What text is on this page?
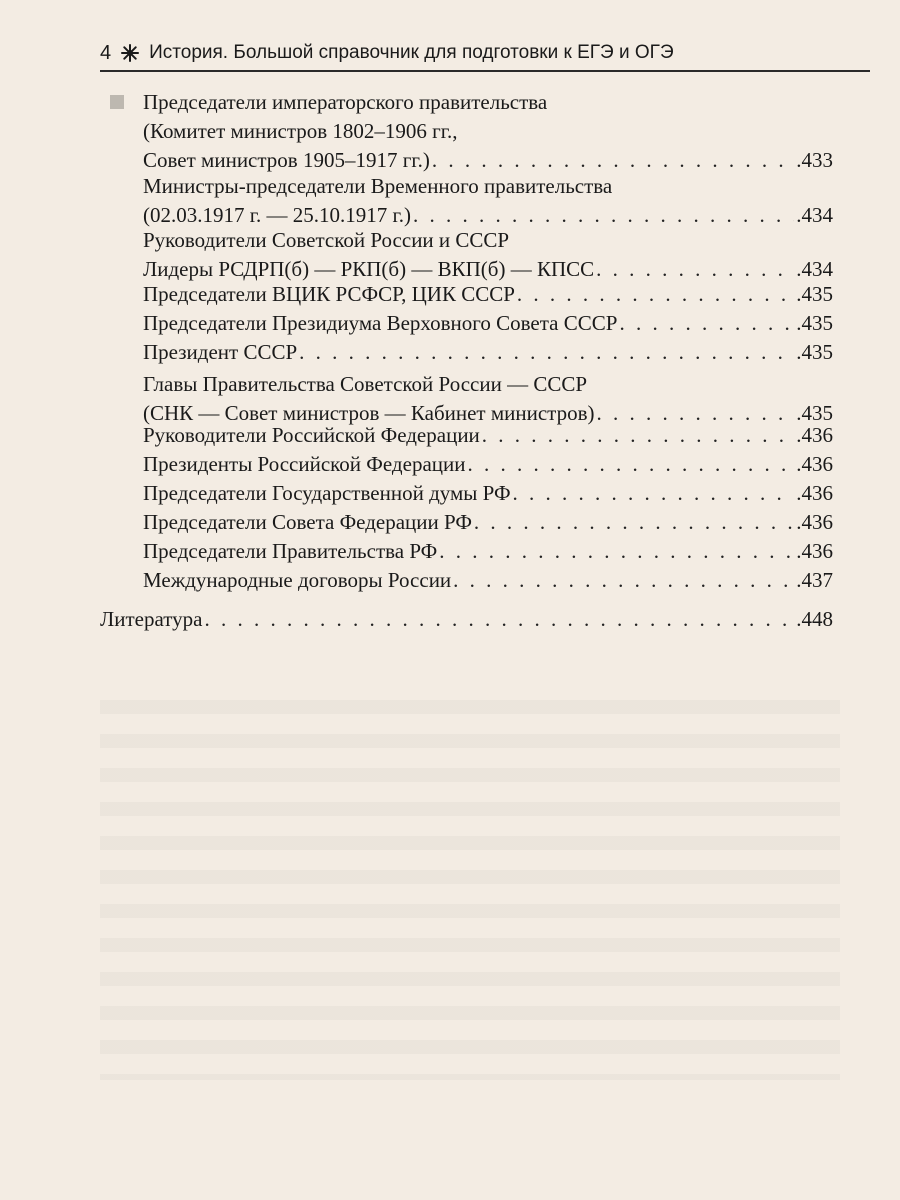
4 История. Большой справочник для подготовки к ЕГЭ и ОГЭ
Председатели императорского правительства
(Комитет министров 1802–1906 гг.,
Совет министров 1905–1917 гг.) . . .	.433
Министры-председатели Временного правительства
(02.03.1917 г. — 25.10.1917 г.) . . .	.434
Руководители Советской России и СССР
Лидеры РСДРП(б) — РКП(б) — ВКП(б) — КПСС . . .	.434
Председатели ВЦИК РСФСР, ЦИК СССР . . .	.435
Председатели Президиума Верховного Совета СССР . . .	.435
Президент СССР . . .	.435
Главы Правительства Советской России — СССР
(СНК — Совет министров — Кабинет министров) . . .	.435
Руководители Российской Федерации . . .	.436
Президенты Российской Федерации . . .	.436
Председатели Государственной думы РФ . . .	.436
Председатели Совета Федерации РФ . . .	.436
Председатели Правительства РФ . . .	.436
Международные договоры России . . .	.437
Литература . . .	.448
